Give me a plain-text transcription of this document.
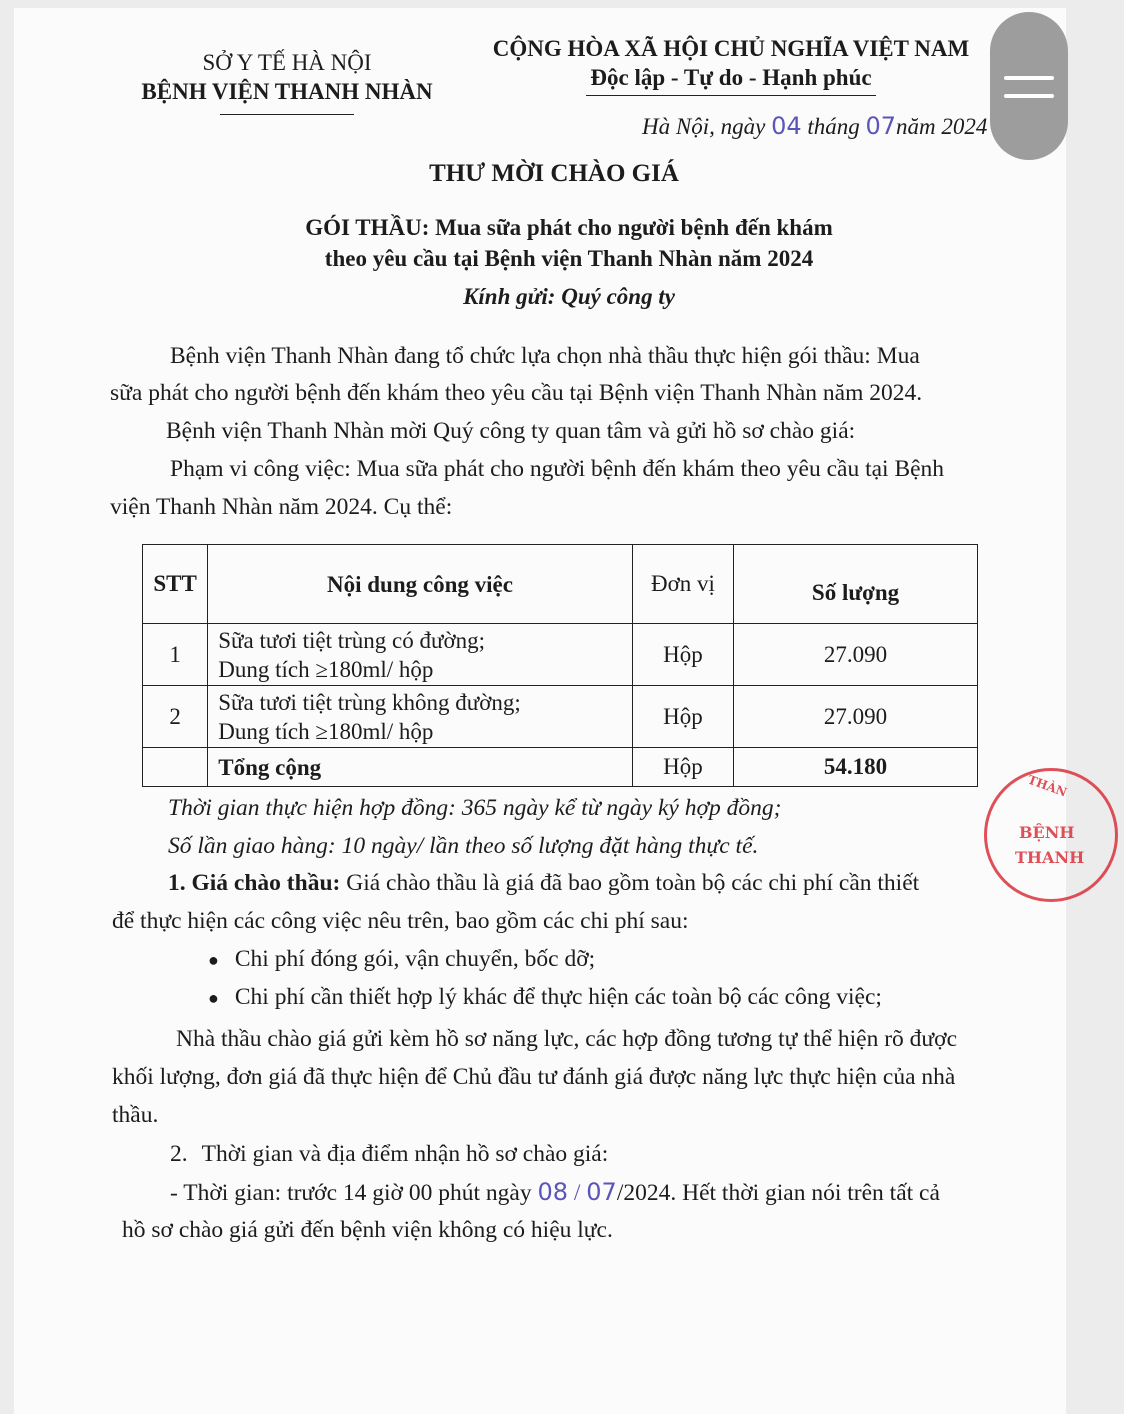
SỞ Y TẾ HÀ NỘI
BỆNH VIỆN THANH NHÀN
CỘNG HÒA XÃ HỘI CHỦ NGHĨA VIỆT NAM
Độc lập - Tự do - Hạnh phúc
Hà Nội, ngày 04 tháng 07năm 2024
THƯ MỜI CHÀO GIÁ
GÓI THẦU: Mua sữa phát cho người bệnh đến khám
theo yêu cầu tại Bệnh viện Thanh Nhàn năm 2024
Kính gửi: Quý công ty
Bệnh viện Thanh Nhàn đang tổ chức lựa chọn nhà thầu thực hiện gói thầu: Mua
sữa phát cho người bệnh đến khám theo yêu cầu tại Bệnh viện Thanh Nhàn năm 2024.
Bệnh viện Thanh Nhàn mời Quý công ty quan tâm và gửi hồ sơ chào giá:
Phạm vi công việc: Mua sữa phát cho người bệnh đến khám theo yêu cầu tại Bệnh
viện Thanh Nhàn năm 2024. Cụ thể:
STT	Nội dung công việc	Đơn vị	Số lượng
1	Sữa tươi tiệt trùng có đường;
Dung tích ≥180ml/ hộp	Hộp	27.090
2	Sữa tươi tiệt trùng không đường;
Dung tích ≥180ml/ hộp	Hộp	27.090
	Tổng cộng	Hộp	54.180
Thời gian thực hiện hợp đồng: 365 ngày kể từ ngày ký hợp đồng;
Số lần giao hàng: 10 ngày/ lần theo số lượng đặt hàng thực tế.
1. Giá chào thầu: Giá chào thầu là giá đã bao gồm toàn bộ các chi phí cần thiết
để thực hiện các công việc nêu trên, bao gồm các chi phí sau:
● Chi phí đóng gói, vận chuyển, bốc dỡ;
● Chi phí cần thiết hợp lý khác để thực hiện các toàn bộ các công việc;
Nhà thầu chào giá gửi kèm hồ sơ năng lực, các hợp đồng tương tự thể hiện rõ được
khối lượng, đơn giá đã thực hiện để Chủ đầu tư đánh giá được năng lực thực hiện của nhà
thầu.
2. Thời gian và địa điểm nhận hồ sơ chào giá:
- Thời gian: trước 14 giờ 00 phút ngày 08 / 07/2024. Hết thời gian nói trên tất cả
hồ sơ chào giá gửi đến bệnh viện không có hiệu lực.
THÀN
BỆNH
THANH
